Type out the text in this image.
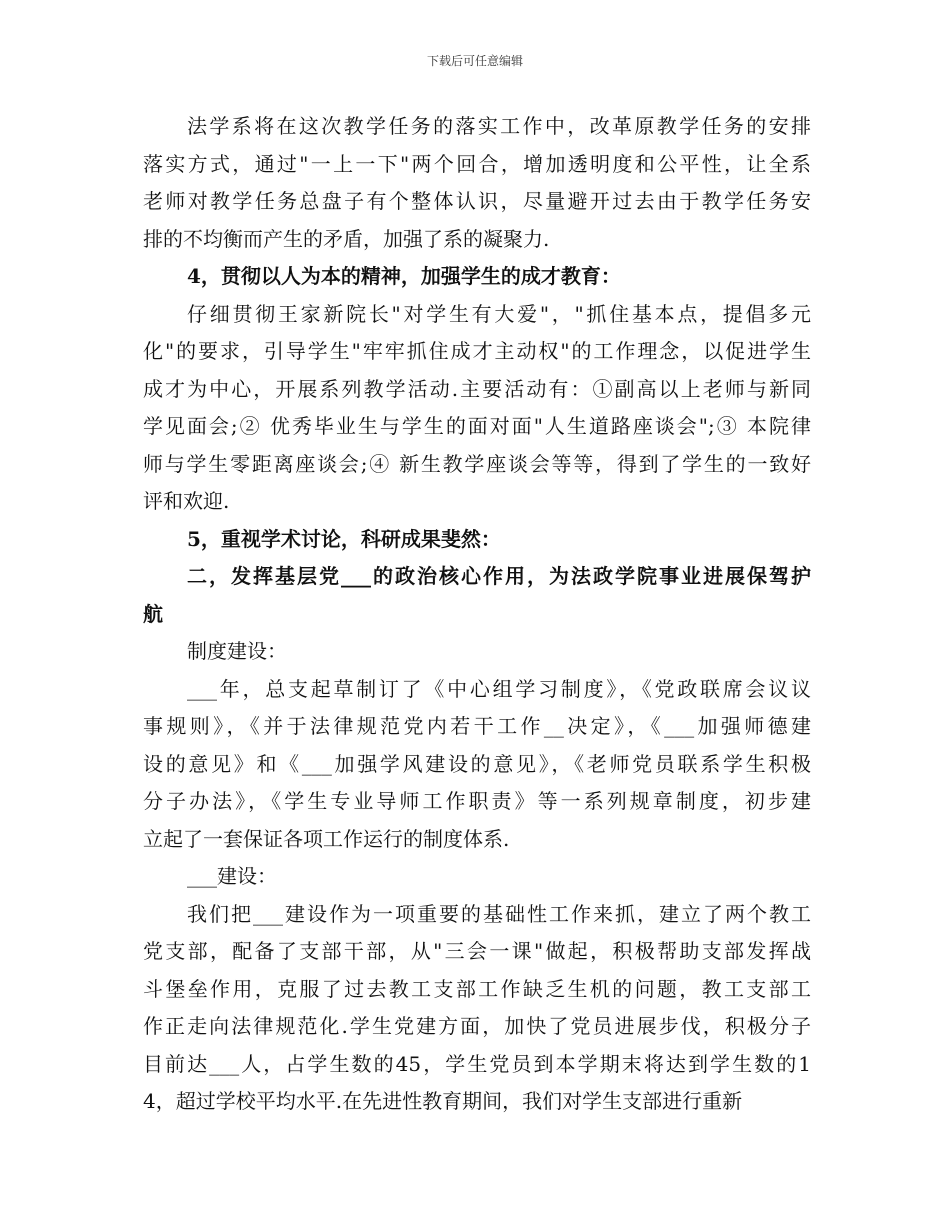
下载后可任意编辑
法学系将在这次教学任务的落实工作中，改革原教学任务的安排
落实方式，通过"一上一下"两个回合，增加透明度和公平性，让全系
老师对教学任务总盘子有个整体认识，尽量避开过去由于教学任务安
排的不均衡而产生的矛盾，加强了系的凝聚力.
4，贯彻以人为本的精神，加强学生的成才教育：
仔细贯彻王家新院长"对学生有大爱"，"抓住基本点，提倡多元
化"的要求，引导学生"牢牢抓住成才主动权"的工作理念，以促进学生
成才为中心，开展系列教学活动.主要活动有：①副高以上老师与新同
学见面会;② 优秀毕业生与学生的面对面"人生道路座谈会";③ 本院律
师与学生零距离座谈会;④ 新生教学座谈会等等，得到了学生的一致好
评和欢迎.
5，重视学术讨论，科研成果斐然：
二，发挥基层党___的政治核心作用，为法政学院事业进展保驾护
航
制度建设：
___年，总支起草制订了《中心组学习制度》，《党政联席会议议
事规则》，《并于法律规范党内若干工作__决定》，《___加强师德建
设的意见》和《___加强学风建设的意见》，《老师党员联系学生积极
分子办法》，《学生专业导师工作职责》等一系列规章制度，初步建
立起了一套保证各项工作运行的制度体系.
___建设：
我们把___建设作为一项重要的基础性工作来抓，建立了两个教工
党支部，配备了支部干部，从"三会一课"做起，积极帮助支部发挥战
斗堡垒作用，克服了过去教工支部工作缺乏生机的问题，教工支部工
作正走向法律规范化.学生党建方面，加快了党员进展步伐，积极分子
目前达___人，占学生数的45，学生党员到本学期末将达到学生数的1
4，超过学校平均水平.在先进性教育期间，我们对学生支部进行重新
